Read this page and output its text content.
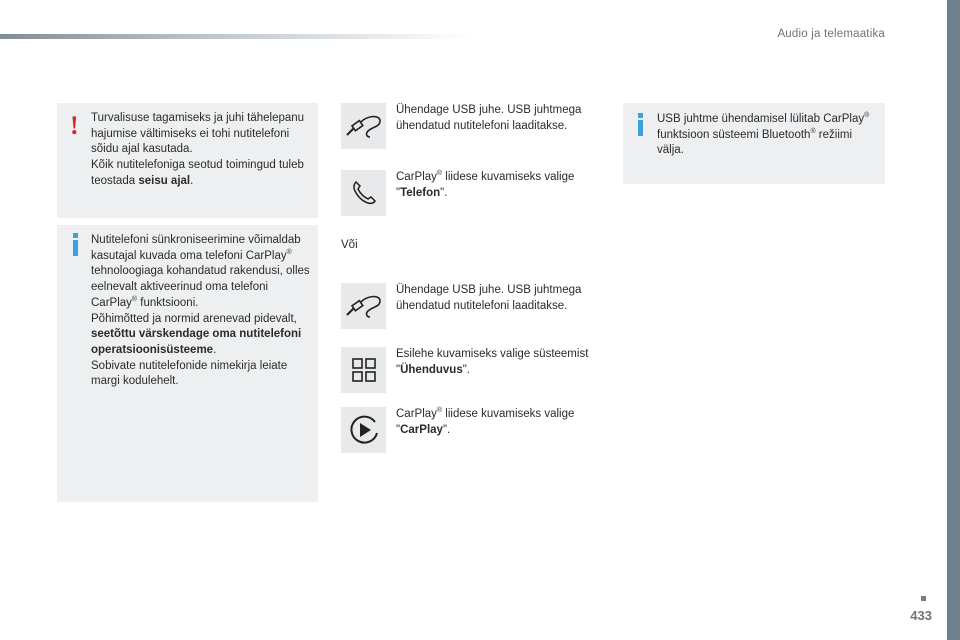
Audio ja telemaatika
! Turvalisuse tagamiseks ja juhi tähelepanu hajumise vältimiseks ei tohi nutitelefoni sõidu ajal kasutada.
Kõik nutitelefoniga seotud toimingud tuleb teostada seisu ajal.
Nutitelefoni sünkroniseerimine võimaldab kasutajal kuvada oma telefoni CarPlay® tehnoloogiaga kohandatud rakendusi, olles eelnevalt aktiveerinud oma telefoni CarPlay® funktsiooni.
Põhimõtted ja normid arenevad pidevalt, seetõttu värskendage oma nutitelefoni operatsioonisüsteeme.
Sobivate nutitelefonide nimekirja leiate margi kodulehelt.
USB juhtme ühendamisel lülitab CarPlay® funktsioon süsteemi Bluetooth® režiimi välja.
Ühendage USB juhe. USB juhtmega ühendatud nutitelefoni laaditakse.
CarPlay® liidese kuvamiseks valige "Telefon".
Või
Ühendage USB juhe. USB juhtmega ühendatud nutitelefoni laaditakse.
Esilehe kuvamiseks valige süsteemist "Ühenduvus".
CarPlay® liidese kuvamiseks valige "CarPlay".
433
